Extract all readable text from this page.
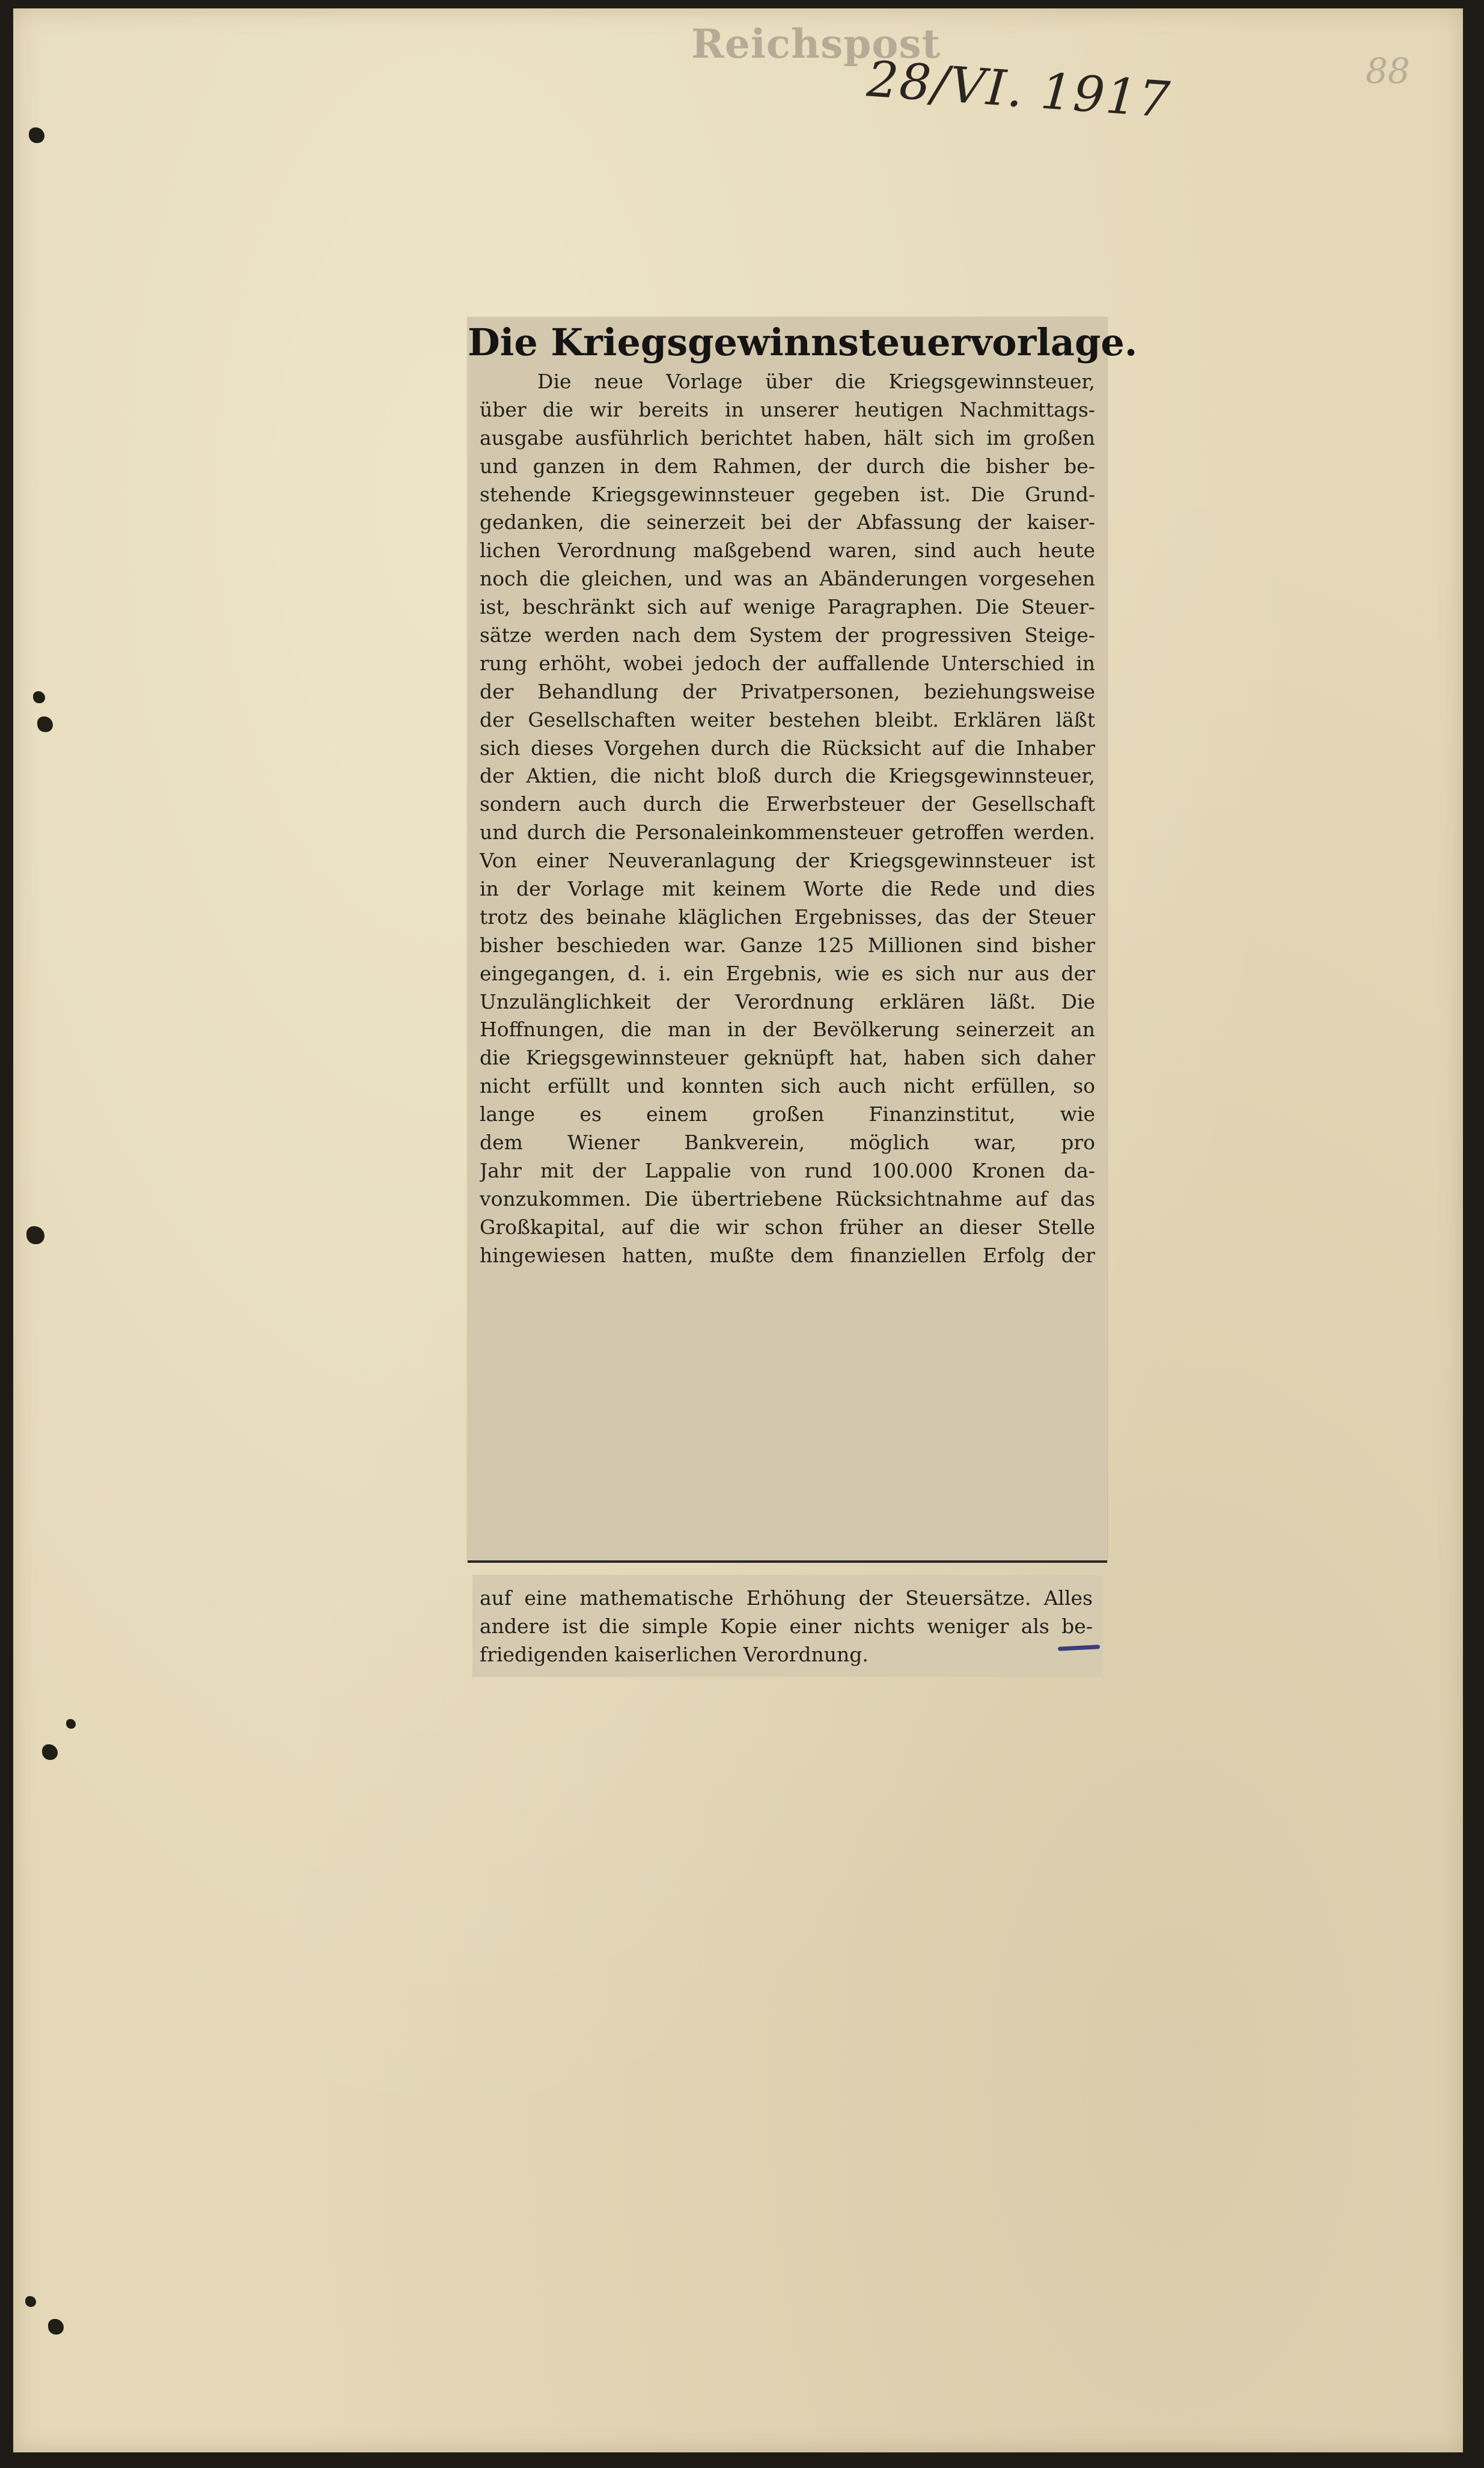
Reichspost
28/VI. 1917	88
Die Kriegsgewinnsteuervorlage.
Die neue Vorlage über die Kriegsgewinnsteuer,
über die wir bereits in unserer heutigen Nachmittags-
ausgabe ausführlich berichtet haben, hält sich im großen
und ganzen in dem Rahmen, der durch die bisher be-
stehende Kriegsgewinnsteuer gegeben ist. Die Grund-
gedanken, die seinerzeit bei der Abfassung der kaiser-
lichen Verordnung maßgebend waren, sind auch heute
noch die gleichen, und was an Abänderungen vorgesehen
ist, beschränkt sich auf wenige Paragraphen. Die Steuer-
sätze werden nach dem System der progressiven Steige-
rung erhöht, wobei jedoch der auffallende Unterschied in
der Behandlung der Privatpersonen, beziehungsweise
der Gesellschaften weiter bestehen bleibt. Erklären läßt
sich dieses Vorgehen durch die Rücksicht auf die Inhaber
der Aktien, die nicht bloß durch die Kriegsgewinnsteuer,
sondern auch durch die Erwerbsteuer der Gesellschaft
und durch die Personaleinkommensteuer getroffen werden.
Von einer Neuveranlagung der Kriegsgewinnsteuer ist
in der Vorlage mit keinem Worte die Rede und dies
trotz des beinahe kläglichen Ergebnisses, das der Steuer
bisher beschieden war. Ganze 125 Millionen sind bisher
eingegangen, d. i. ein Ergebnis, wie es sich nur aus der
Unzulänglichkeit der Verordnung erklären läßt. Die
Hoffnungen, die man in der Bevölkerung seinerzeit an
die Kriegsgewinnsteuer geknüpft hat, haben sich daher
nicht erfüllt und konnten sich auch nicht erfüllen, so
lange es einem großen Finanzinstitut, wie
dem Wiener Bankverein, möglich war, pro
Jahr mit der Lappalie von rund 100.000 Kronen da-
vonzukommen. Die übertriebene Rücksichtnahme auf das
Großkapital, auf die wir schon früher an dieser Stelle
hingewiesen hatten, mußte dem finanziellen Erfolg der
auf eine mathematische Erhöhung der Steuersätze. Alles
andere ist die simple Kopie einer nichts weniger als be-
friedigenden kaiserlichen Verordnung.
